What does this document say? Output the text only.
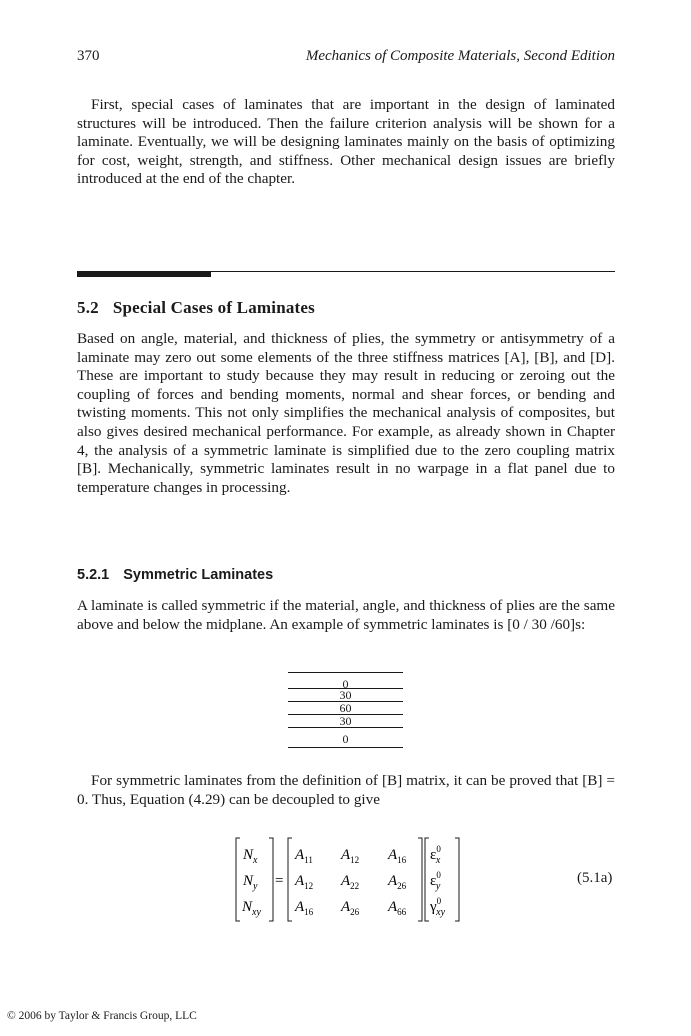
370	Mechanics of Composite Materials, Second Edition

First, special cases of laminates that are important in the design of laminated structures will be introduced. Then the failure criterion analysis will be shown for a laminate. Eventually, we will be designing laminates mainly on the basis of optimizing for cost, weight, strength, and stiffness. Other mechanical design issues are briefly introduced at the end of the chapter.

5.2 Special Cases of Laminates

Based on angle, material, and thickness of plies, the symmetry or antisymmetry of a laminate may zero out some elements of the three stiffness matrices [A], [B], and [D]. These are important to study because they may result in reducing or zeroing out the coupling of forces and bending moments, normal and shear forces, or bending and twisting moments. This not only simplifies the mechanical analysis of composites, but also gives desired mechanical performance. For example, as already shown in Chapter 4, the analysis of a symmetric laminate is simplified due to the zero coupling matrix [B]. Mechanically, symmetric laminates result in no warpage in a flat panel due to temperature changes in processing.

5.2.1 Symmetric Laminates

A laminate is called symmetric if the material, angle, and thickness of plies are the same above and below the midplane. An example of symmetric laminates is [0 / 30 /60]s:

0
30
60
30
0

For symmetric laminates from the definition of [B] matrix, it can be proved that [B] = 0. Thus, Equation (4.29) can be decoupled to give

$N_x$
$N_y$
$N_{xy}$
=
$A_{11}$ $A_{12}$ $A_{16}$
$A_{12}$ $A_{22}$ $A_{26}$
$A_{16}$ $A_{26}$ $A_{66}$
$\varepsilon^0$ x
$\varepsilon^0$ y
$\gamma^0$ xy
(5.1a)
© 2006 by Taylor & Francis Group, LLC
